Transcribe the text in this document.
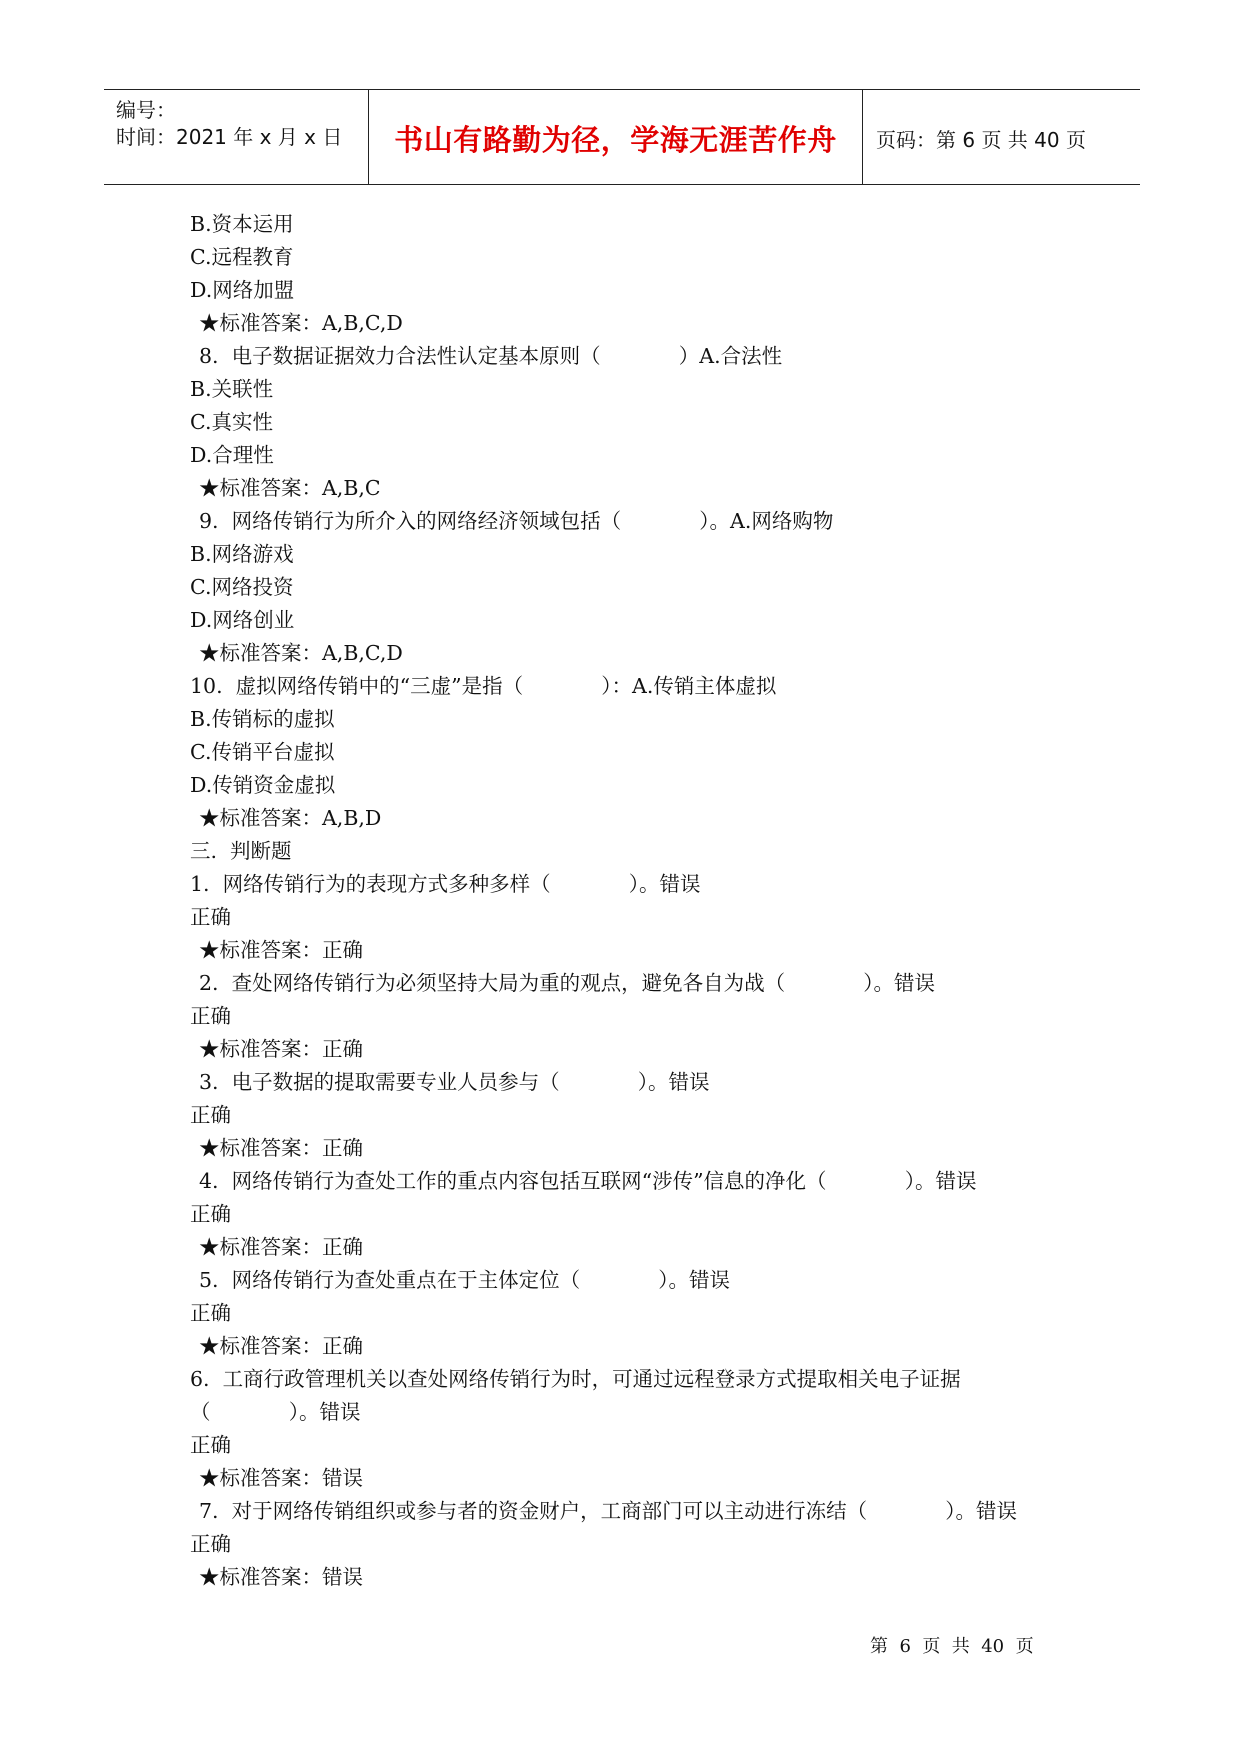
编号：
时间：2021 年 x 月 x 日	书山有路勤为径，学海无涯苦作舟	页码：第 6 页 共 40 页
B.资本运用
C.远程教育
D.网络加盟
★标准答案：A,B,C,D
8.  电子数据证据效力合法性认定基本原则（            ）A.合法性
B.关联性
C.真实性
D.合理性
★标准答案：A,B,C
9.  网络传销行为所介入的网络经济领域包括（            ）。A.网络购物
B.网络游戏
C.网络投资
D.网络创业
★标准答案：A,B,C,D
10.  虚拟网络传销中的“三虚”是指（            ）：A.传销主体虚拟
B.传销标的虚拟
C.传销平台虚拟
D.传销资金虚拟
★标准答案：A,B,D
三.  判断题
1.  网络传销行为的表现方式多种多样（            ）。错误
正确
★标准答案：正确
2.  查处网络传销行为必须坚持大局为重的观点，避免各自为战（            ）。错误
正确
★标准答案：正确
3.  电子数据的提取需要专业人员参与（            ）。错误
正确
★标准答案：正确
4.  网络传销行为查处工作的重点内容包括互联网“涉传”信息的净化（            ）。错误
正确
★标准答案：正确
5.  网络传销行为查处重点在于主体定位（            ）。错误
正确
★标准答案：正确
6.  工商行政管理机关以查处网络传销行为时，可通过远程登录方式提取相关电子证据
（            ）。错误
正确
★标准答案：错误
7.  对于网络传销组织或参与者的资金财户，工商部门可以主动进行冻结（            ）。错误
正确
★标准答案：错误
第  6  页  共  40  页
